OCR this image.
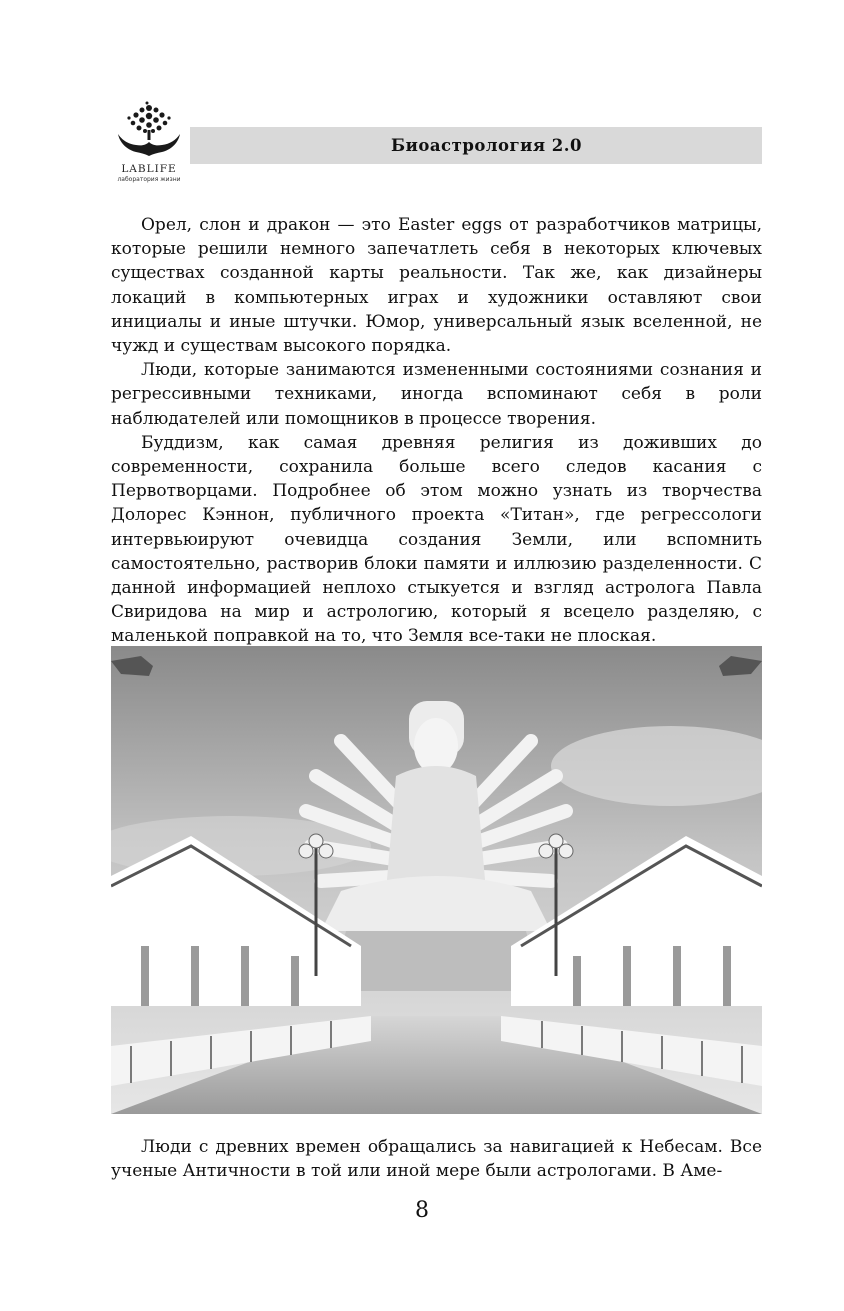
LABLIFE
лаборатория жизни
Биоастрология 2.0

Орел, слон и дракон — это Easter eggs от разработчиков матрицы, которые решили немного запечатлеть себя в некоторых ключевых существах созданной карты реальности. Так же, как дизайнеры локаций в компьютерных играх и художники оставляют свои инициалы и иные штучки. Юмор, универсальный язык вселенной, не чужд и существам высокого порядка.

Люди, которые занимаются измененными состояниями сознания и регрессивными техниками, иногда вспоминают себя в роли наблюдателей или помощников в процессе творения.

Буддизм, как самая древняя религия из доживших до современности, сохранила больше всего следов касания с Первотворцами. Подробнее об этом можно узнать из творчества Долорес Кэннон, публичного проекта «Титан», где регрессологи интервьюируют очевидца создания Земли, или вспомнить самостоятельно, растворив блоки памяти и иллюзию разделенности. С данной информацией неплохо стыкуется и взгляд астролога Павла Свиридова на мир и астрологию, который я всецело разделяю, с маленькой поправкой на то, что Земля все-таки не плоская.

Люди с древних времен обращались за навигацией к Небесам. Все ученые Античности в той или иной мере были астрологами. В Аме-

8
